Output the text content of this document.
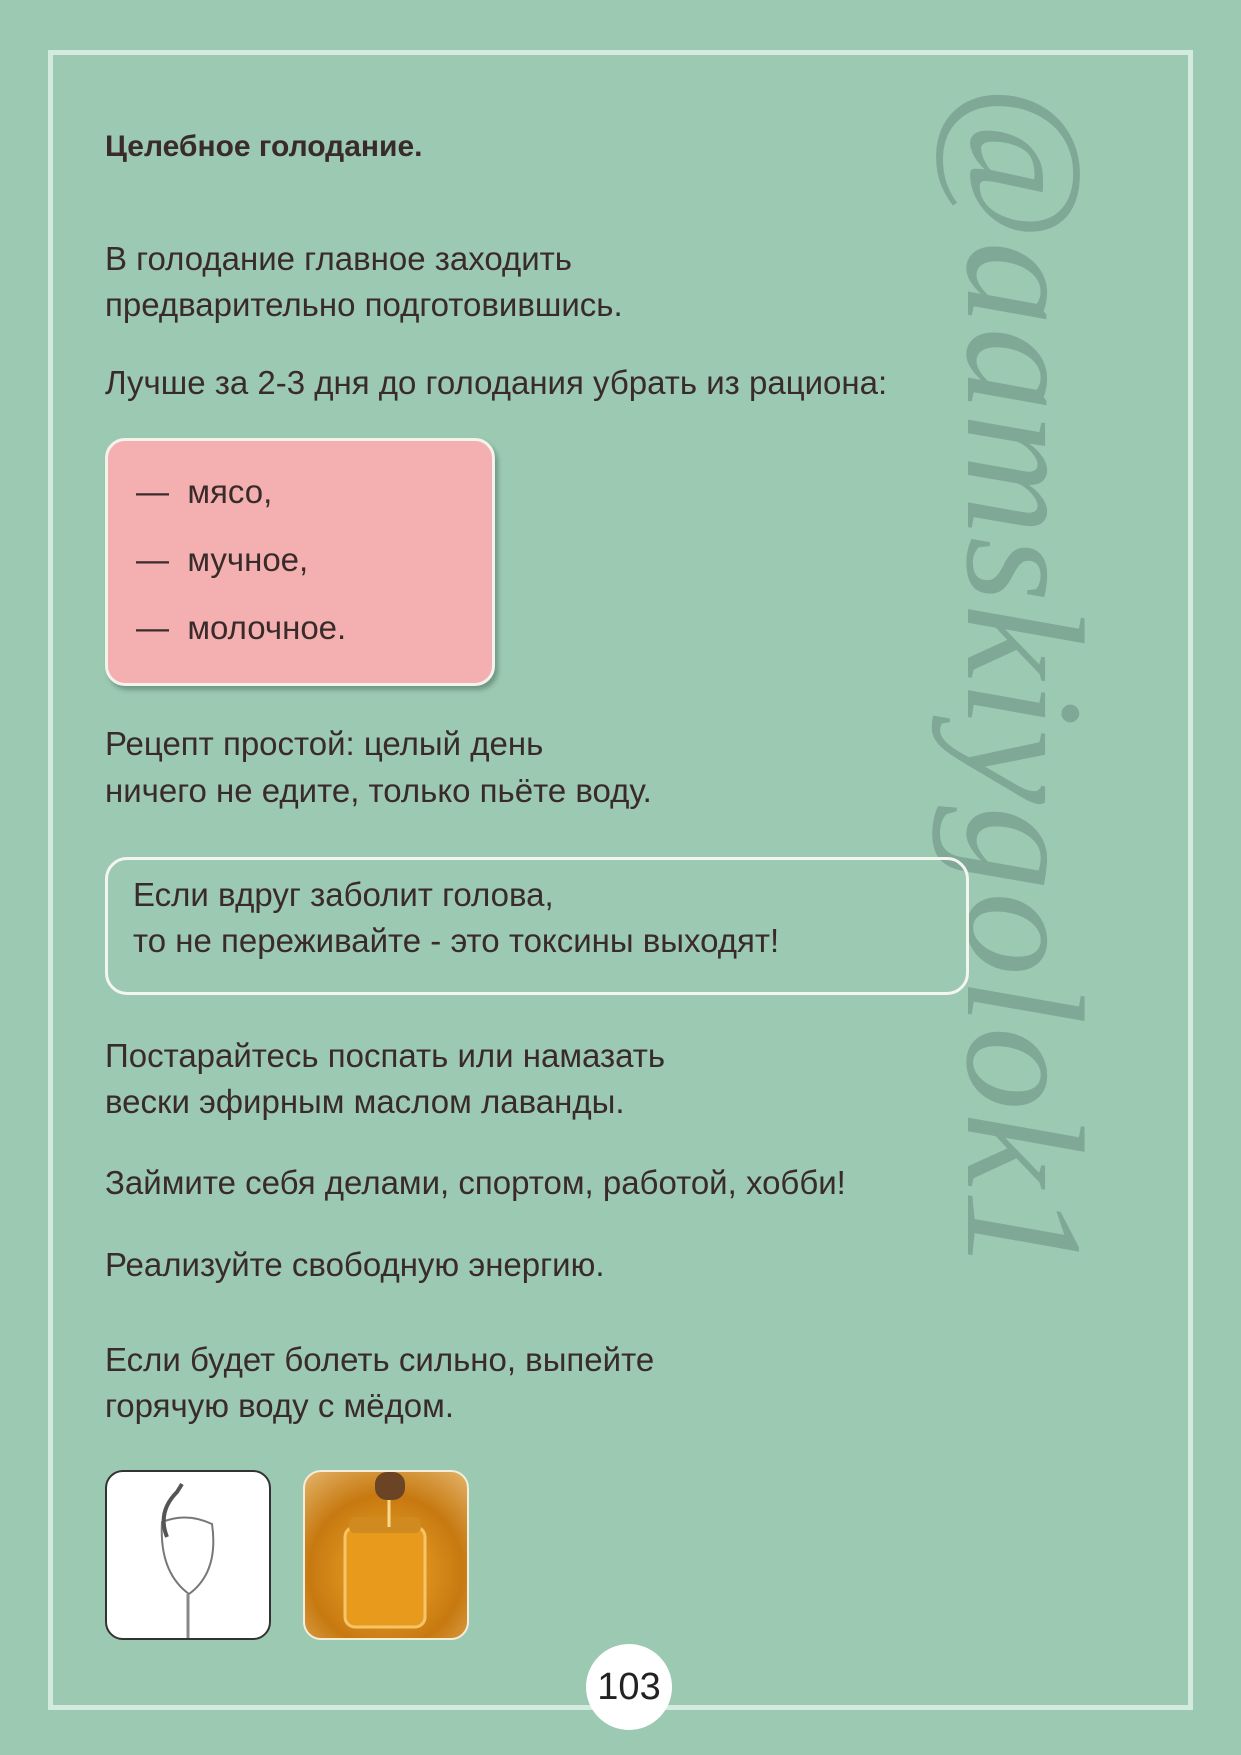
@aamskiygolok1
Целебное голодание.
В голодание главное заходить
предварительно подготовившись.
Лучше за 2-3 дня до голодания убрать из рациона:
— мясо,
— мучное,
— молочное.
Рецепт простой: целый день
ничего не едите, только пьёте воду.
Если вдруг заболит голова,
то не переживайте - это токсины выходят!
Постарайтесь поспать или намазать
вески эфирным маслом лаванды.
Займите себя делами, спортом, работой, хобби!
Реализуйте свободную энергию.
Если будет болеть сильно, выпейте
горячую воду с мёдом.
103
